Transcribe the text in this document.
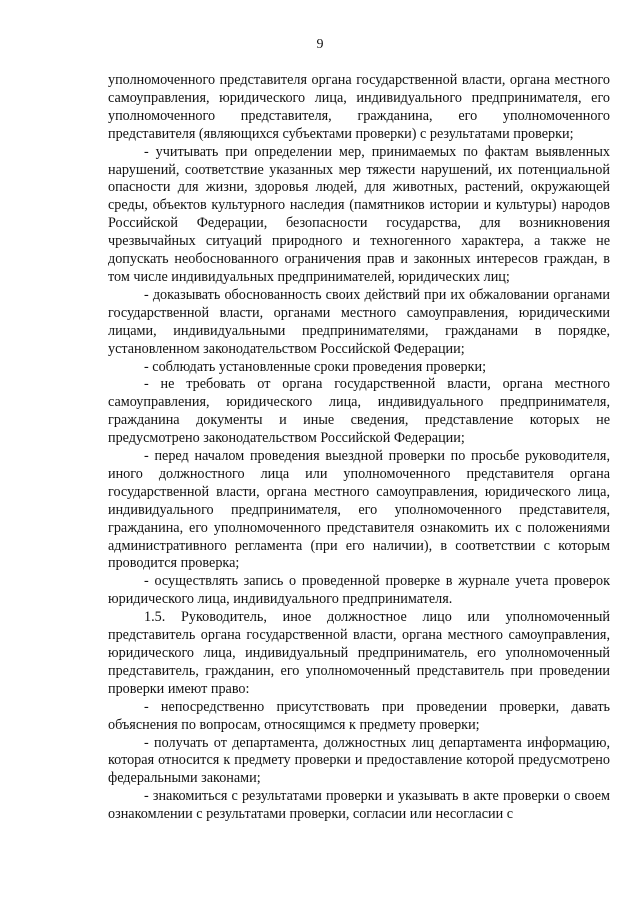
9

уполномоченного представителя органа государственной власти, органа местного самоуправления, юридического лица, индивидуального предпринимателя, его уполномоченного представителя, гражданина, его уполномоченного представителя (являющихся субъектами проверки) с результатами проверки;

- учитывать при определении мер, принимаемых по фактам выявленных нарушений, соответствие указанных мер тяжести нарушений, их потенциальной опасности для жизни, здоровья людей, для животных, растений, окружающей среды, объектов культурного наследия (памятников истории и культуры) народов Российской Федерации, безопасности государства, для возникновения чрезвычайных ситуаций природного и техногенного характера, а также не допускать необоснованного ограничения прав и законных интересов граждан, в том числе индивидуальных предпринимателей, юридических лиц;

- доказывать обоснованность своих действий при их обжаловании органами государственной власти, органами местного самоуправления, юридическими лицами, индивидуальными предпринимателями, гражданами в порядке, установленном законодательством Российской Федерации;

- соблюдать установленные сроки проведения проверки;

- не требовать от органа государственной власти, органа местного самоуправления, юридического лица, индивидуального предпринимателя, гражданина документы и иные сведения, представление которых не предусмотрено законодательством Российской Федерации;

- перед началом проведения выездной проверки по просьбе руководителя, иного должностного лица или уполномоченного представителя органа государственной власти, органа местного самоуправления, юридического лица, индивидуального предпринимателя, его уполномоченного представителя, гражданина, его уполномоченного представителя ознакомить их с положениями административного регламента (при его наличии), в соответствии с которым проводится проверка;

- осуществлять запись о проведенной проверке в журнале учета проверок юридического лица, индивидуального предпринимателя.

1.5. Руководитель, иное должностное лицо или уполномоченный представитель органа государственной власти, органа местного самоуправления, юридического лица, индивидуальный предприниматель, его уполномоченный представитель, гражданин, его уполномоченный представитель при проведении проверки имеют право:

- непосредственно присутствовать при проведении проверки, давать объяснения по вопросам, относящимся к предмету проверки;

- получать от департамента, должностных лиц департамента информацию, которая относится к предмету проверки и предоставление которой предусмотрено федеральными законами;

- знакомиться с результатами проверки и указывать в акте проверки о своем ознакомлении с результатами проверки, согласии или несогласии с
